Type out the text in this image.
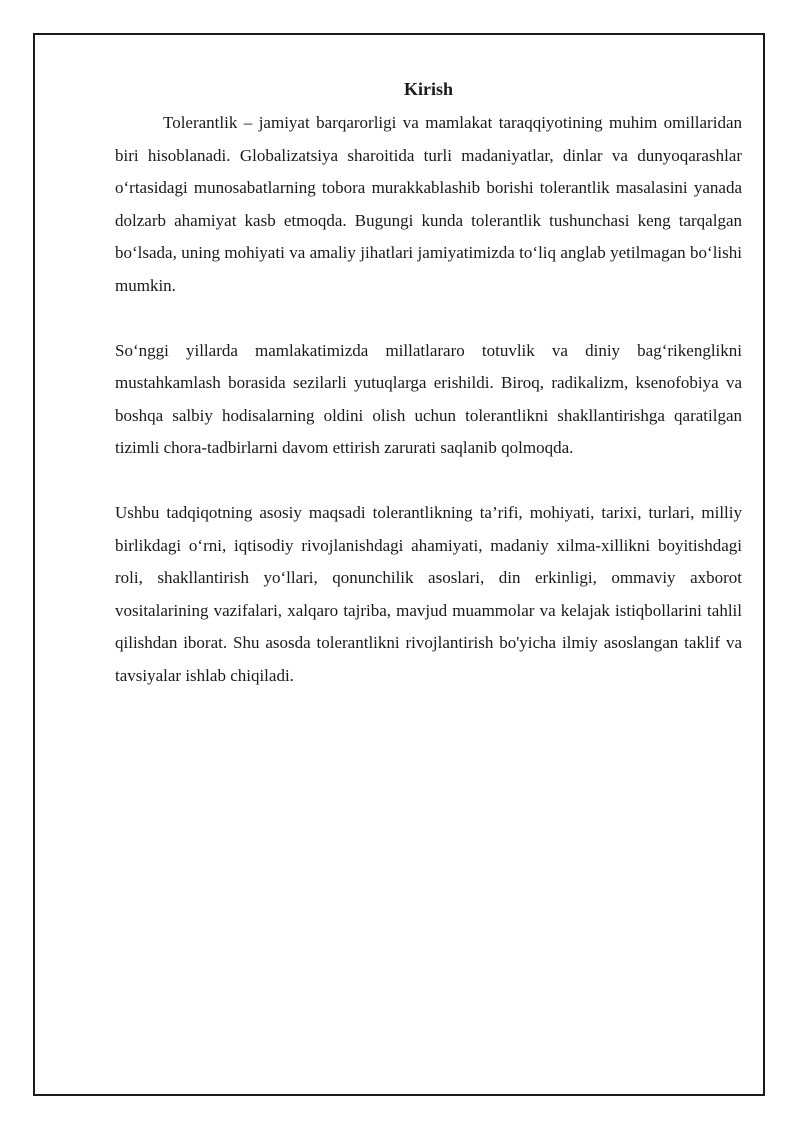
Kirish

Tolerantlik – jamiyat barqarorligi va mamlakat taraqqiyotining muhim omillaridan biri hisoblanadi. Globalizatsiya sharoitida turli madaniyatlar, dinlar va dunyoqarashlar o‘rtasidagi munosabatlarning tobora murakkablashib borishi tolerantlik masalasini yanada dolzarb ahamiyat kasb etmoqda. Bugungi kunda tolerantlik tushunchasi keng tarqalgan bo‘lsada, uning mohiyati va amaliy jihatlari jamiyatimizda to‘liq anglab yetilmagan bo‘lishi mumkin.

So‘nggi yillarda mamlakatimizda millatlararo totuvlik va diniy bag‘rikenglikni mustahkamlash borasida sezilarli yutuqlarga erishildi. Biroq, radikalizm, ksenofobiya va boshqa salbiy hodisalarning oldini olish uchun tolerantlikni shakllantirishga qaratilgan tizimli chora-tadbirlarni davom ettirish zarurati saqlanib qolmoqda.

Ushbu tadqiqotning asosiy maqsadi tolerantlikning ta’rifi, mohiyati, tarixi, turlari, milliy birlikdagi o‘rni, iqtisodiy rivojlanishdagi ahamiyati, madaniy xilma-xillikni boyitishdagi roli, shakllantirish yo‘llari, qonunchilik asoslari, din erkinligi, ommaviy axborot vositalarining vazifalari, xalqaro tajriba, mavjud muammolar va kelajak istiqbollarini tahlil qilishdan iborat. Shu asosda tolerantlikni rivojlantirish bo'yicha ilmiy asoslangan taklif va tavsiyalar ishlab chiqiladi.
